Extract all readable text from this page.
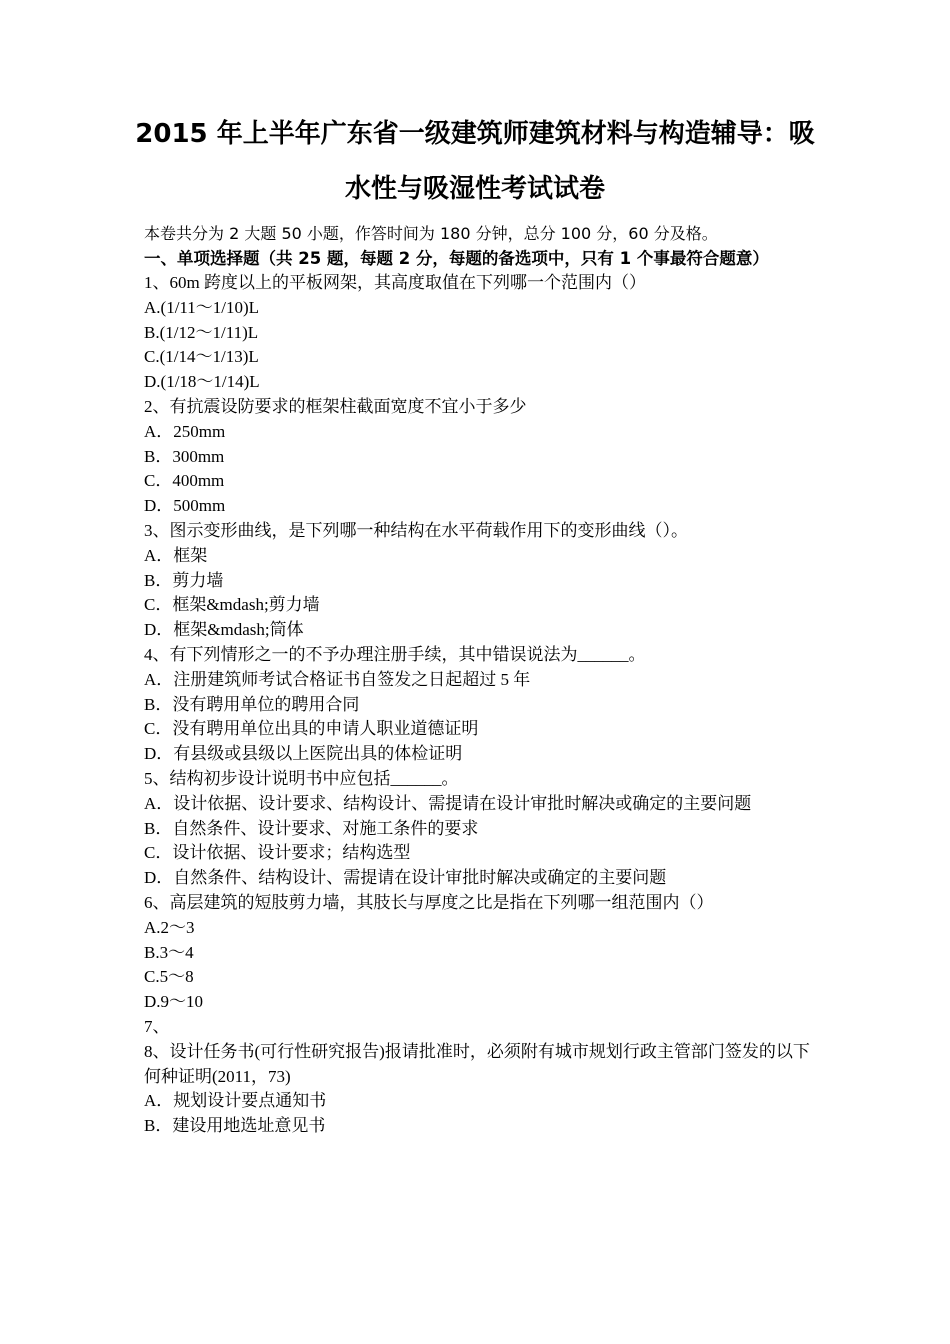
2015 年上半年广东省一级建筑师建筑材料与构造辅导：吸
水性与吸湿性考试试卷
本卷共分为 2 大题 50 小题，作答时间为 180 分钟，总分 100 分，60 分及格。
一、单项选择题（共 25 题，每题 2 分，每题的备选项中，只有 1 个事最符合题意）
1、60m 跨度以上的平板网架，其高度取值在下列哪一个范围内（）
A.(1/11～1/10)L
B.(1/12～1/11)L
C.(1/14～1/13)L
D.(1/18～1/14)L
2、有抗震设防要求的框架柱截面宽度不宜小于多少
A．250mm
B．300mm
C．400mm
D．500mm
3、图示变形曲线，是下列哪一种结构在水平荷载作用下的变形曲线（）。
A．框架
B．剪力墙
C．框架&mdash;剪力墙
D．框架&mdash;筒体
4、有下列情形之一的不予办理注册手续，其中错误说法为______。
A．注册建筑师考试合格证书自签发之日起超过 5 年
B．没有聘用单位的聘用合同
C．没有聘用单位出具的申请人职业道德证明
D．有县级或县级以上医院出具的体检证明
5、结构初步设计说明书中应包括______。
A．设计依据、设计要求、结构设计、需提请在设计审批时解决或确定的主要问题
B．自然条件、设计要求、对施工条件的要求
C．设计依据、设计要求；结构选型
D．自然条件、结构设计、需提请在设计审批时解决或确定的主要问题
6、高层建筑的短肢剪力墙，其肢长与厚度之比是指在下列哪一组范围内（）
A.2～3
B.3～4
C.5～8
D.9～10
7、
8、设计任务书(可行性研究报告)报请批准时，必须附有城市规划行政主管部门签发的以下何种证明(2011，73)
A．规划设计要点通知书
B．建设用地选址意见书
